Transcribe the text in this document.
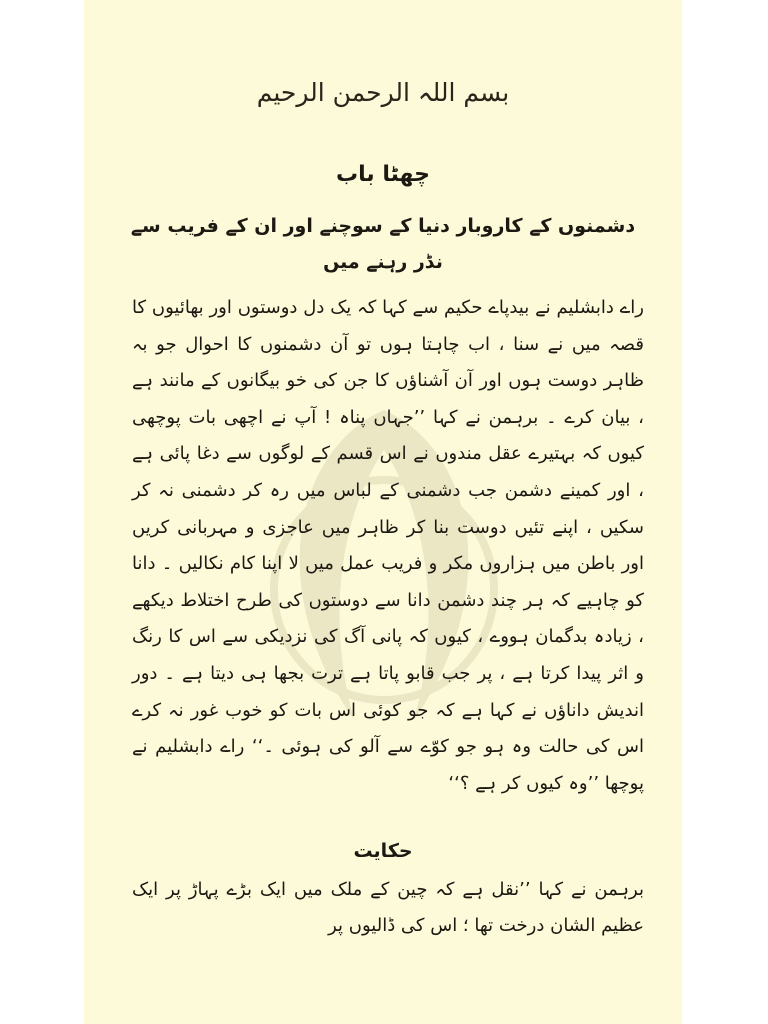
بسم اللہ الرحمن الرحیم
چھٹا باب
دشمنوں کے کاروبار دنیا کے سوچنے اور ان کے فریب سے نڈر رہنے میں
راے دابشلیم نے بیدپاے حکیم سے کہا کہ یک دل دوستوں اور بھائیوں کا قصہ میں نے سنا ، اب چاہتا ہوں تو آن دشمنوں کا احوال جو بہ ظاہر دوست ہوں اور آن آشناؤں کا جن کی خو بیگانوں کے مانند ہے ، بیان کرے ۔ برہمن نے کہا ’’جہاں پناہ ! آپ نے اچھی بات پوچھی کیوں کہ بہتیرے عقل مندوں نے اس قسم کے لوگوں سے دغا پائی ہے ، اور کمینے دشمن جب دشمنی کے لباس میں رہ کر دشمنی نہ کر سکیں ، اپنے تئیں دوست بنا کر ظاہر میں عاجزی و مہربانی کریں اور باطن میں ہزاروں مکر و فریب عمل میں لا اپنا کام نکالیں ۔ دانا کو چاہیے کہ ہر چند دشمن دانا سے دوستوں کی طرح اختلاط دیکھے ، زیادہ بدگمان ہووے ، کیوں کہ پانی آگ کی نزدیکی سے اس کا رنگ و اثر پیدا کرتا ہے ، پر جب قابو پاتا ہے ترت بجھا ہی دیتا ہے ۔ دور اندیش داناؤں نے کہا ہے کہ جو کوئی اس بات کو خوب غور نہ کرے اس کی حالت وہ ہو جو کوّے سے آلو کی ہوئی ۔‘‘ راے دابشلیم نے پوچھا ’’وہ کیوں کر ہے ؟‘‘
حکایت
برہمن نے کہا ’’نقل ہے کہ چین کے ملک میں ایک بڑے پہاڑ پر ایک عظیم الشان درخت تھا ؛ اس کی ڈالیوں پر
